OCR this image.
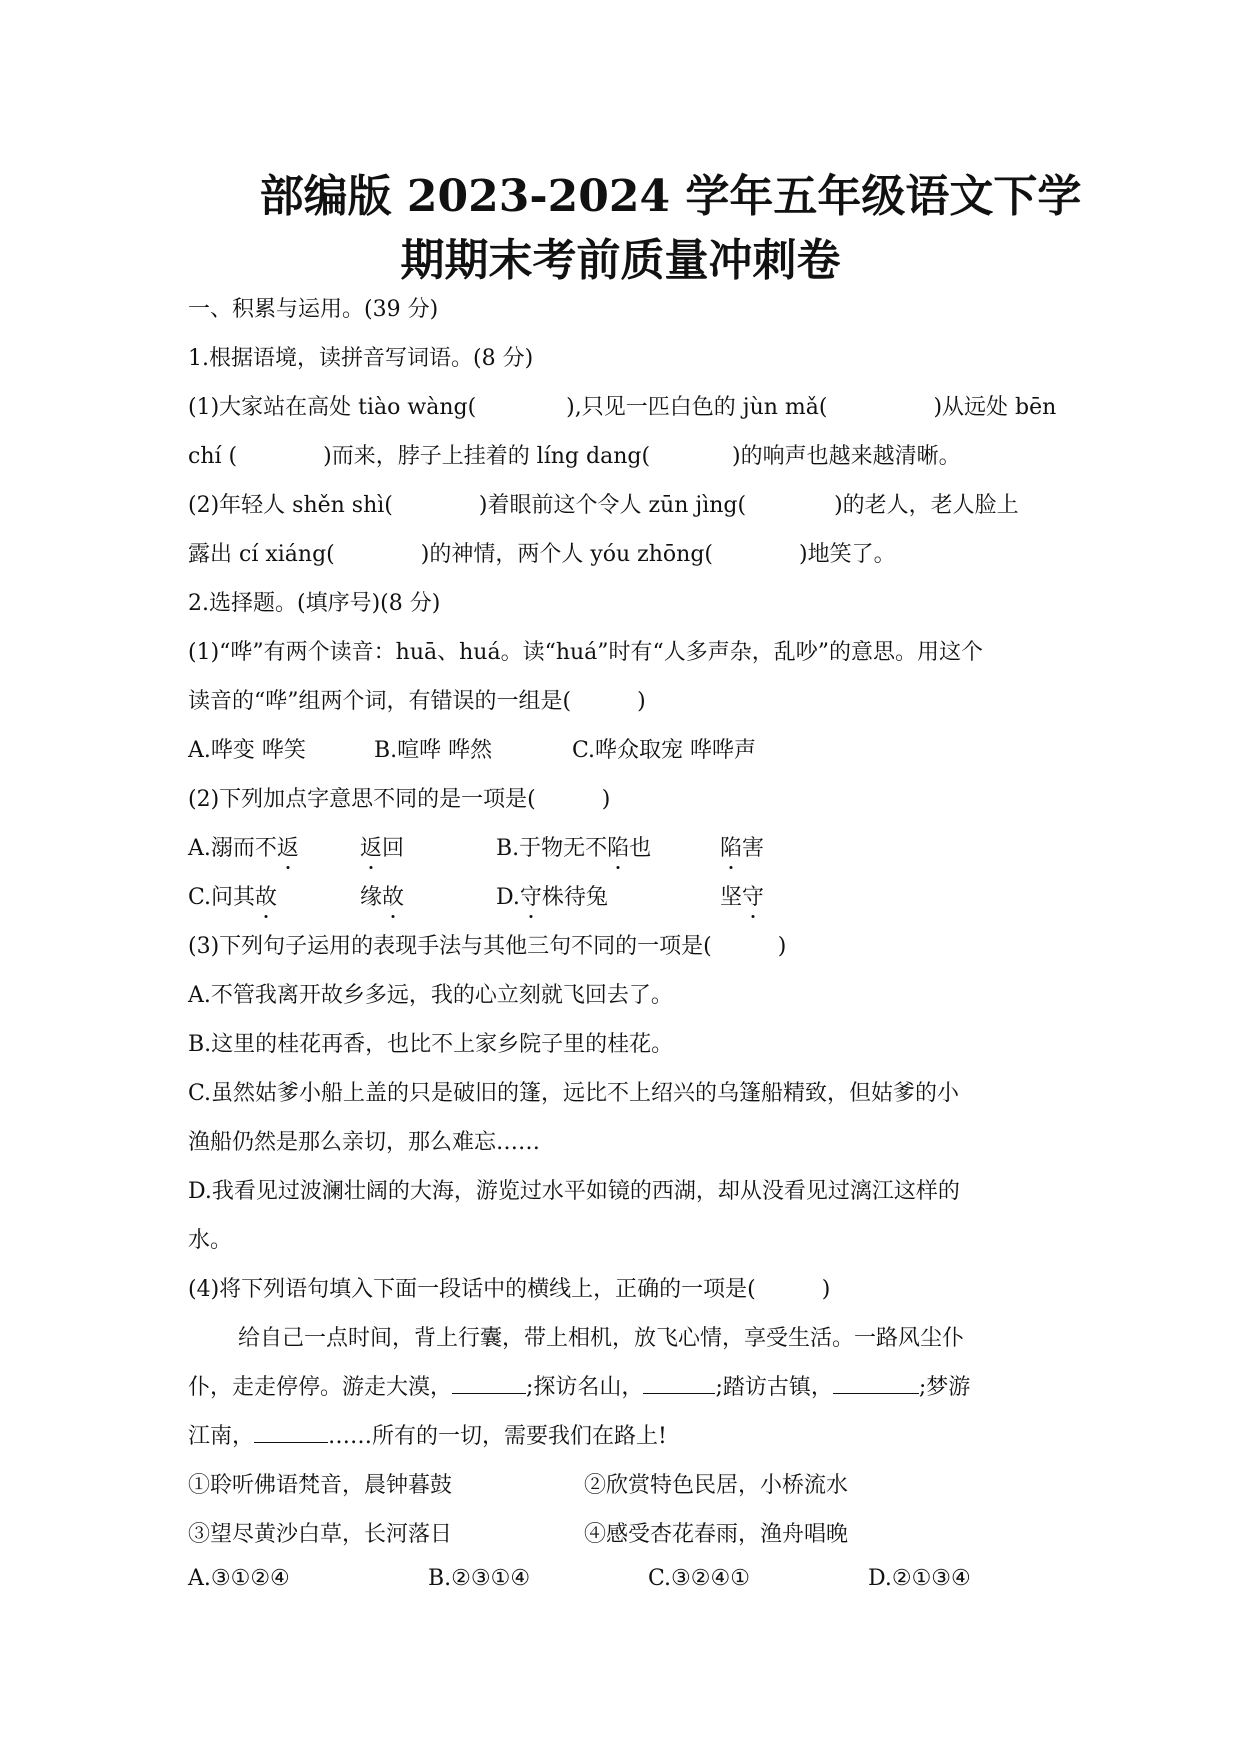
部编版 2023-2024 学年五年级语文下学
期期末考前质量冲刺卷
一、积累与运用。(39 分)
1.根据语境，读拼音写词语。(8 分)
(1)大家站在高处 tiào wàng(	),只见一匹白色的 jùn mǎ(	)从远处 bēn
chí (	)而来，脖子上挂着的 líng dang(	)的响声也越来越清晰。
(2)年轻人 shěn shì(	)着眼前这个令人 zūn jìng(	)的老人，老人脸上
露出 cí xiáng(	)的神情，两个人 yóu zhōng(	)地笑了。
2.选择题。(填序号)(8 分)
(1)“哗”有两个读音：huā、huá。读“huá”时有“人多声杂，乱吵”的意思。用这个
读音的“哗”组两个词，有错误的一组是(　　　)
A.哗变 哗笑	B.喧哗 哗然	C.哗众取宠 哗哗声
(2)下列加点字意思不同的是一项是(　　　)
A.溺而不返	返回	B.于物无不陷也	陷害
C.问其故	缘故	D.守株待兔	坚守
(3)下列句子运用的表现手法与其他三句不同的一项是(　　　)
A.不管我离开故乡多远，我的心立刻就飞回去了。
B.这里的桂花再香，也比不上家乡院子里的桂花。
C.虽然姑爹小船上盖的只是破旧的篷，远比不上绍兴的乌篷船精致，但姑爹的小
渔船仍然是那么亲切，那么难忘……
D.我看见过波澜壮阔的大海，游览过水平如镜的西湖，却从没看见过漓江这样的
水。
(4)将下列语句填入下面一段话中的横线上，正确的一项是(　　　)
给自己一点时间，背上行囊，带上相机，放飞心情，享受生活。一路风尘仆
仆，走走停停。游走大漠，	;探访名山，	;踏访古镇，	;梦游
江南，	……所有的一切，需要我们在路上!
①聆听佛语梵音，晨钟暮鼓	②欣赏特色民居，小桥流水
③望尽黄沙白草，长河落日	④感受杏花春雨，渔舟唱晚
A.③①②④	B.②③①④	C.③②④①	D.②①③④
